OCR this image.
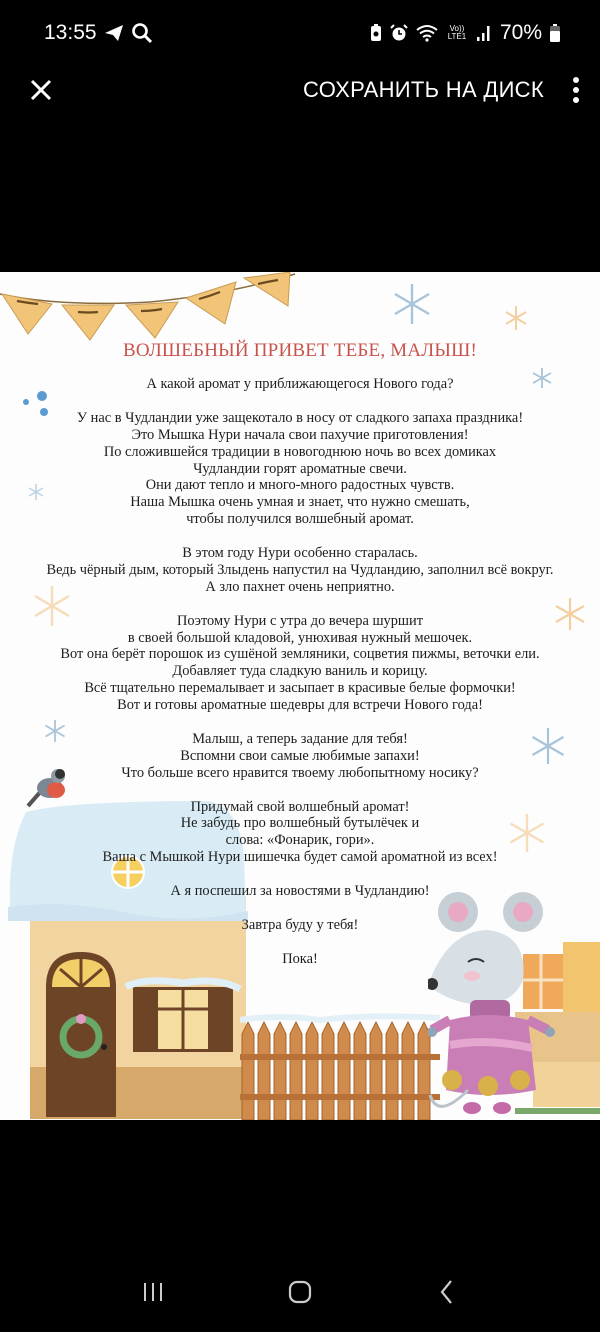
13:55	Vo))
LTE1 70%
СОХРАНИТЬ НА ДИСК
ВОЛШЕБНЫЙ ПРИВЕТ ТЕБЕ, МАЛЫШ!

А какой аромат у приближающегося Нового года?

У нас в Чудландии уже защекотало в носу от сладкого запаха праздника!

Это Мышка Нури начала свои пахучие приготовления!

По сложившейся традиции в новогоднюю ночь во всех домиках

Чудландии горят ароматные свечи.

Они дают тепло и много-много радостных чувств.

Наша Мышка очень умная и знает, что нужно смешать,

чтобы получился волшебный аромат.

В этом году Нури особенно старалась.

Ведь чёрный дым, который Злыдень напустил на Чудландию, заполнил всё вокруг.

А зло пахнет очень неприятно.

Поэтому Нури с утра до вечера шуршит

в своей большой кладовой, унюхивая нужный мешочек.

Вот она берёт порошок из сушёной земляники, соцветия пижмы, веточки ели.

Добавляет туда сладкую ваниль и корицу.

Всё тщательно перемалывает и засыпает в красивые белые формочки!

Вот и готовы ароматные шедевры для встречи Нового года!

Малыш, а теперь задание для тебя!

Вспомни свои самые любимые запахи!

Что больше всего нравится твоему любопытному носику?

Придумай свой волшебный аромат!

Не забудь про волшебный бутылёчек и

слова: «Фонарик, гори».

Ваша с Мышкой Нури шишечка будет самой ароматной из всех!

А я поспешил за новостями в Чудландию!

Завтра буду у тебя!

Пока!
